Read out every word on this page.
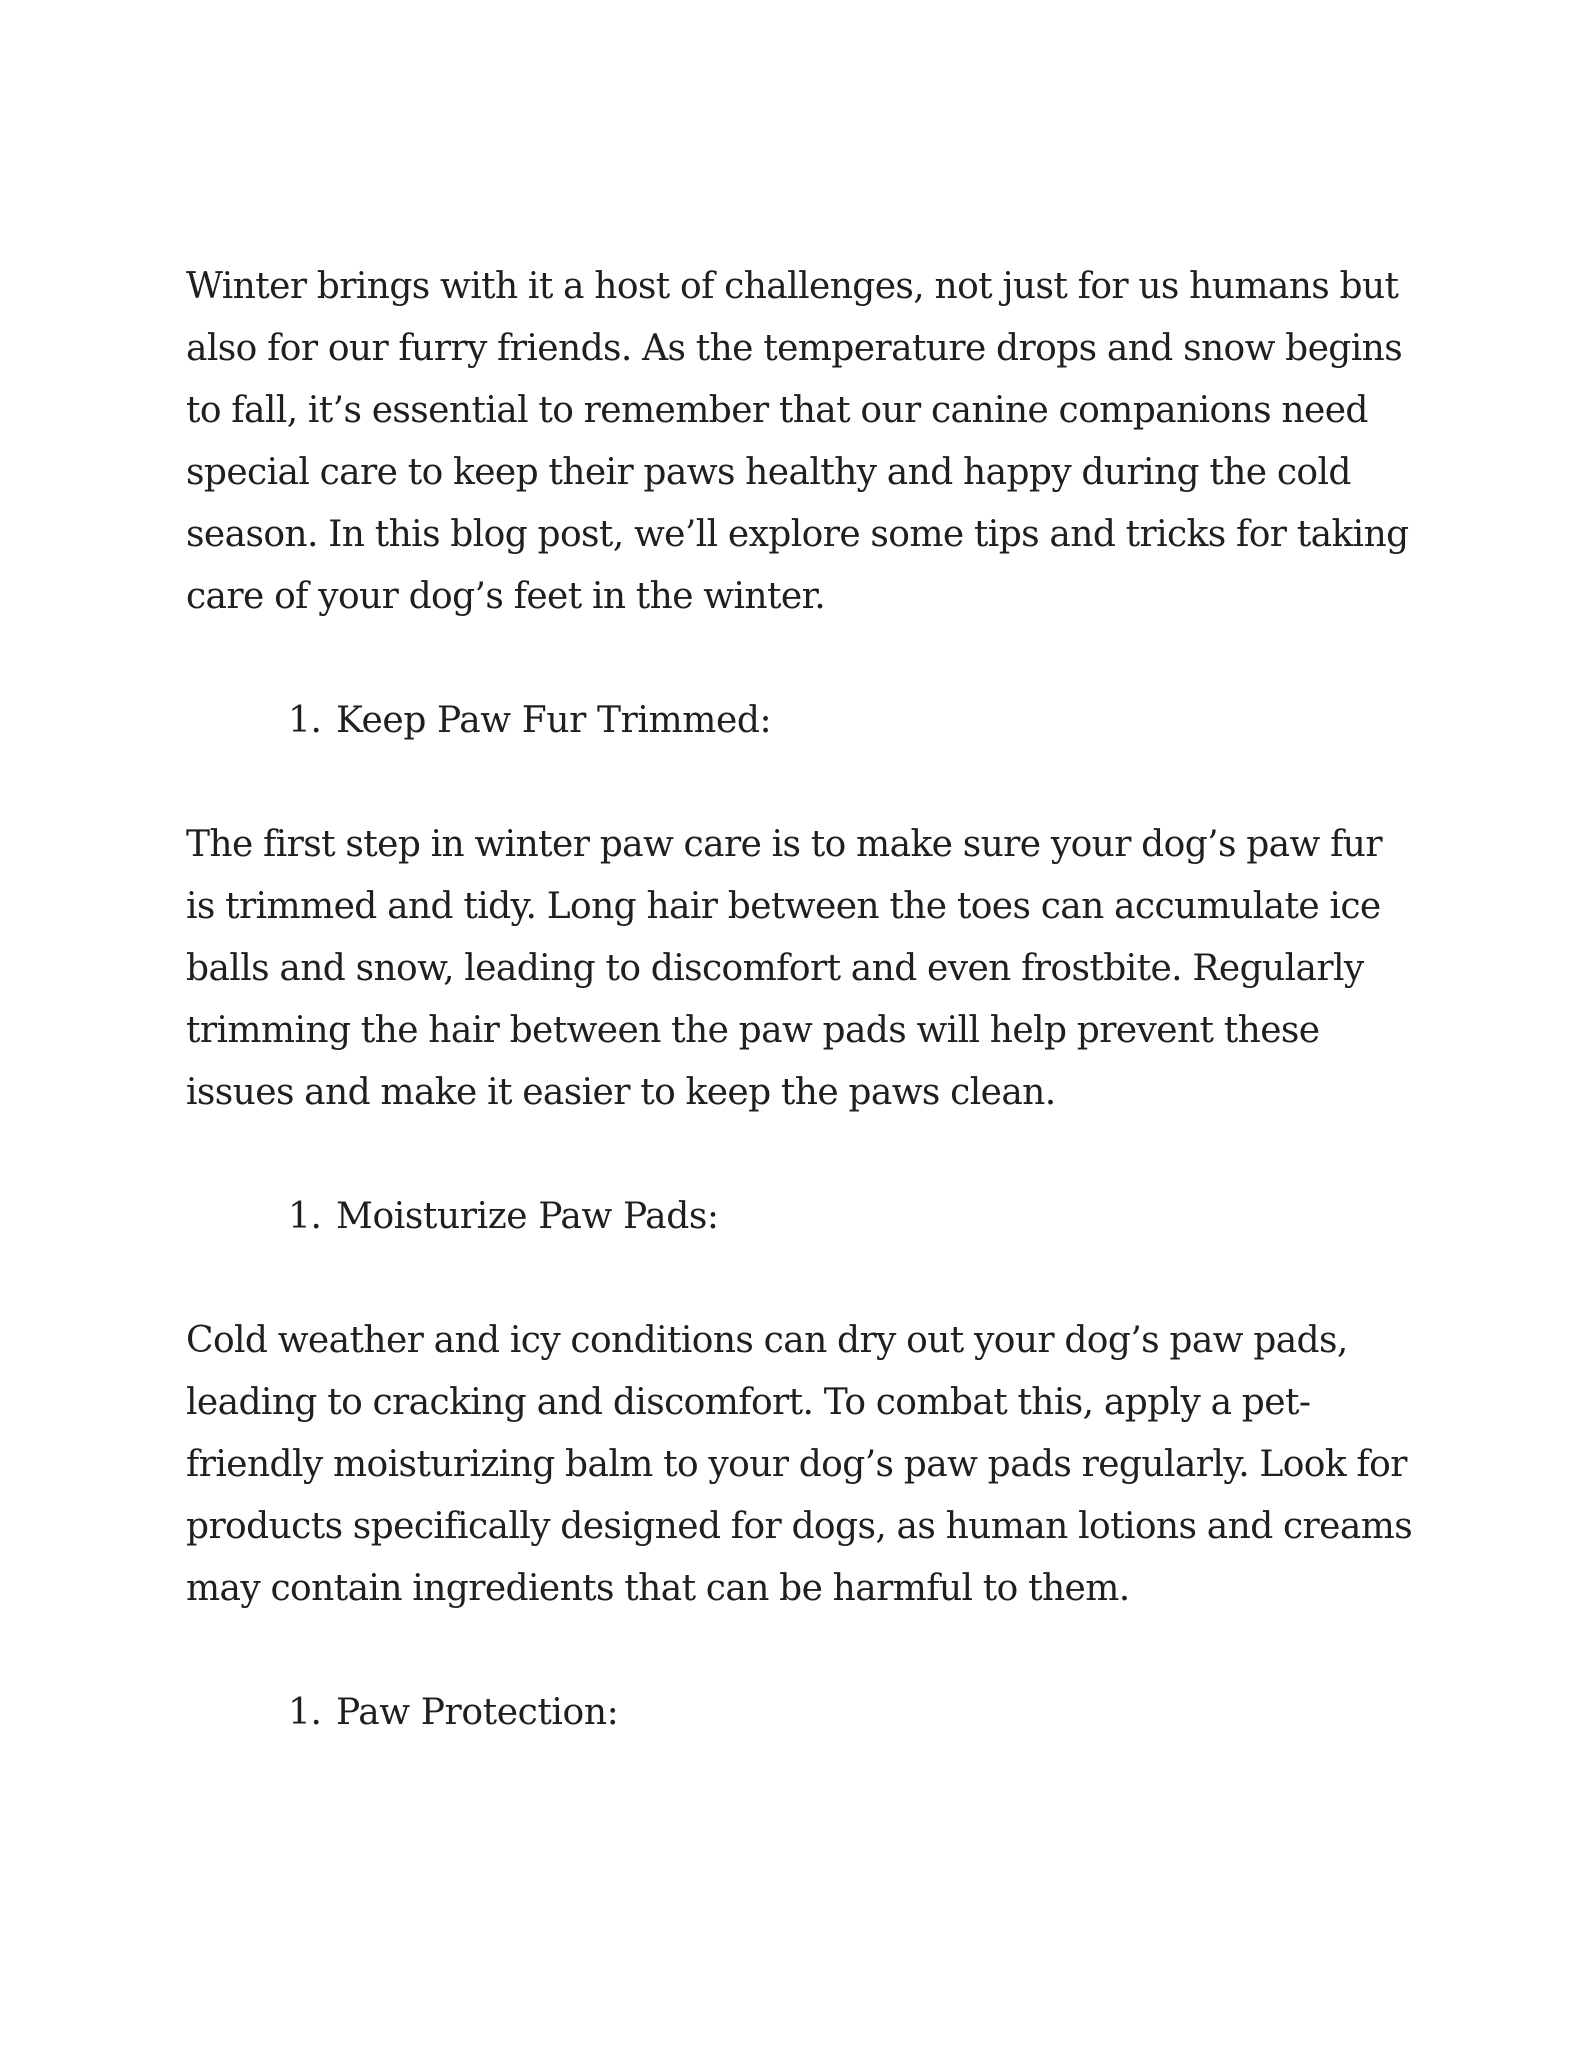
Winter brings with it a host of challenges, not just for us humans but also for our furry friends. As the temperature drops and snow begins to fall, it’s essential to remember that our canine companions need special care to keep their paws healthy and happy during the cold season. In this blog post, we’ll explore some tips and tricks for taking care of your dog’s feet in the winter.

1. Keep Paw Fur Trimmed:

The first step in winter paw care is to make sure your dog’s paw fur is trimmed and tidy. Long hair between the toes can accumulate ice balls and snow, leading to discomfort and even frostbite. Regularly trimming the hair between the paw pads will help prevent these issues and make it easier to keep the paws clean.

1. Moisturize Paw Pads:

Cold weather and icy conditions can dry out your dog’s paw pads, leading to cracking and discomfort. To combat this, apply a pet-friendly moisturizing balm to your dog’s paw pads regularly. Look for products specifically designed for dogs, as human lotions and creams may contain ingredients that can be harmful to them.

1. Paw Protection:
